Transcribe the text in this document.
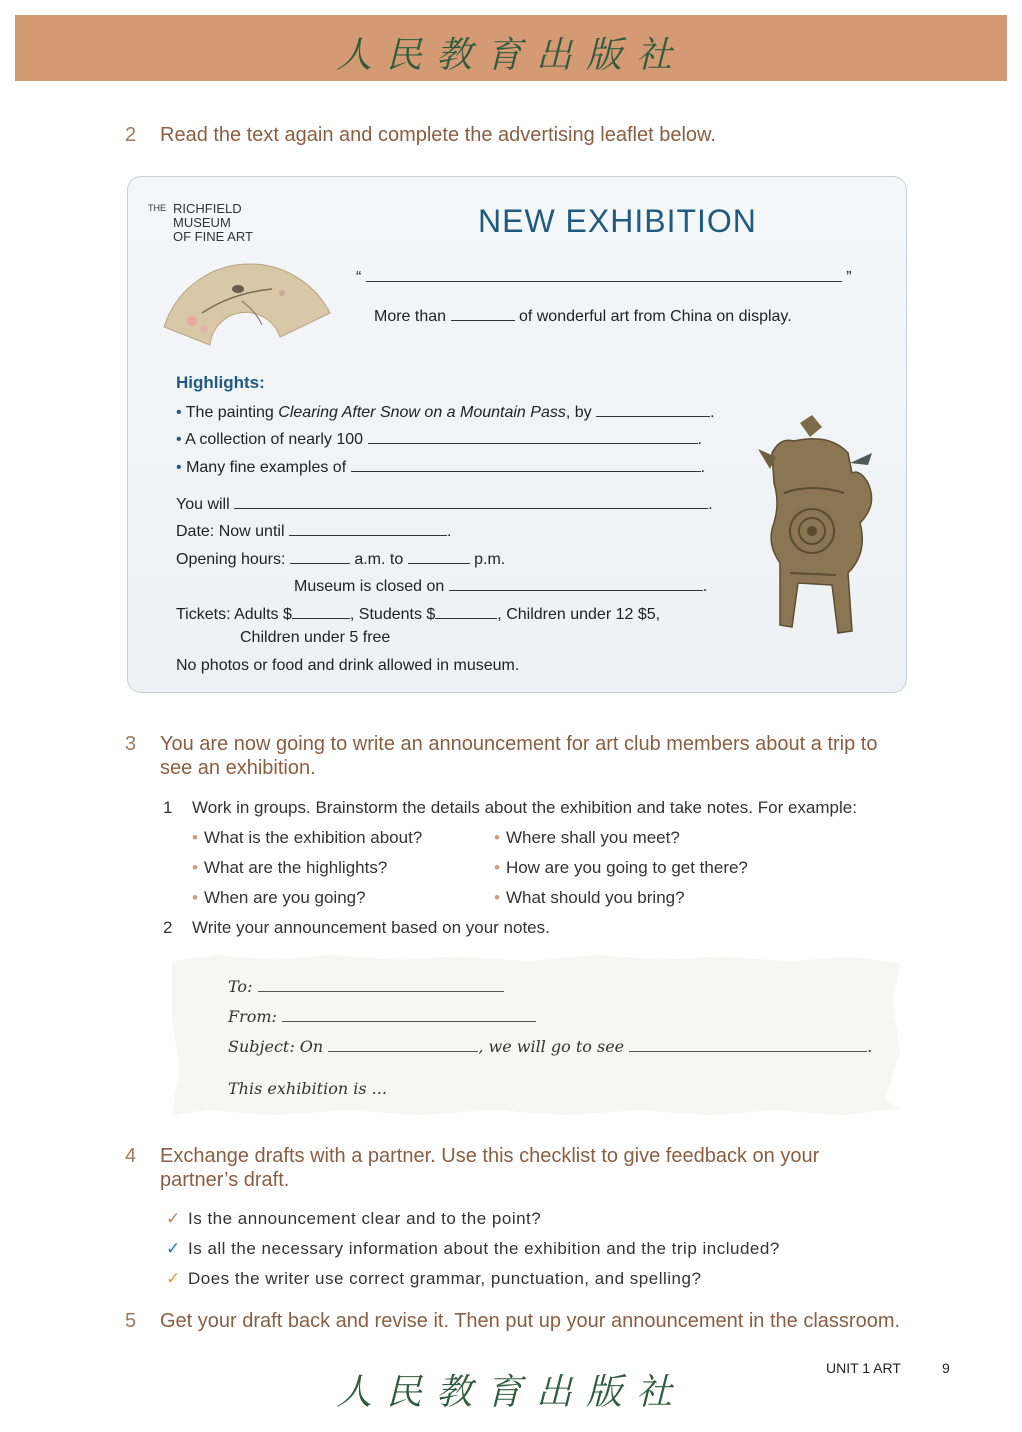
人民教育出版社
2 Read the text again and complete the advertising leaflet below.
THE RICHFIELD
MUSEUM
OF FINE ART	NEW EXHIBITION
“	”
More than	of wonderful art from China on display.
Highlights:
• The painting Clearing After Snow on a Mountain Pass, by	.
• A collection of nearly 100	.
• Many fine examples of	.
You will	.
Date: Now until	.
Opening hours:	a.m. to	p.m.
Museum is closed on	.
Tickets: Adults $	, Students $	, Children under 12 $5,
Children under 5 free
No photos or food and drink allowed in museum.
3 You are now going to write an announcement for art club members about a trip to
see an exhibition.
1 Work in groups. Brainstorm the details about the exhibition and take notes. For example:
• What is the exhibition about?
• What are the highlights?
• When are you going?
• Where shall you meet?
• How are you going to get there?
• What should you bring?
2 Write your announcement based on your notes.
To:
From:
Subject: On	, we will go to see	.
This exhibition is ...
4 Exchange drafts with a partner. Use this checklist to give feedback on your
partner’s draft.
✓ Is the announcement clear and to the point?
✓ Is all the necessary information about the exhibition and the trip included?
✓ Does the writer use correct grammar, punctuation, and spelling?
5 Get your draft back and revise it. Then put up your announcement in the classroom.
UNIT 1 ART	9
人民教育出版社
